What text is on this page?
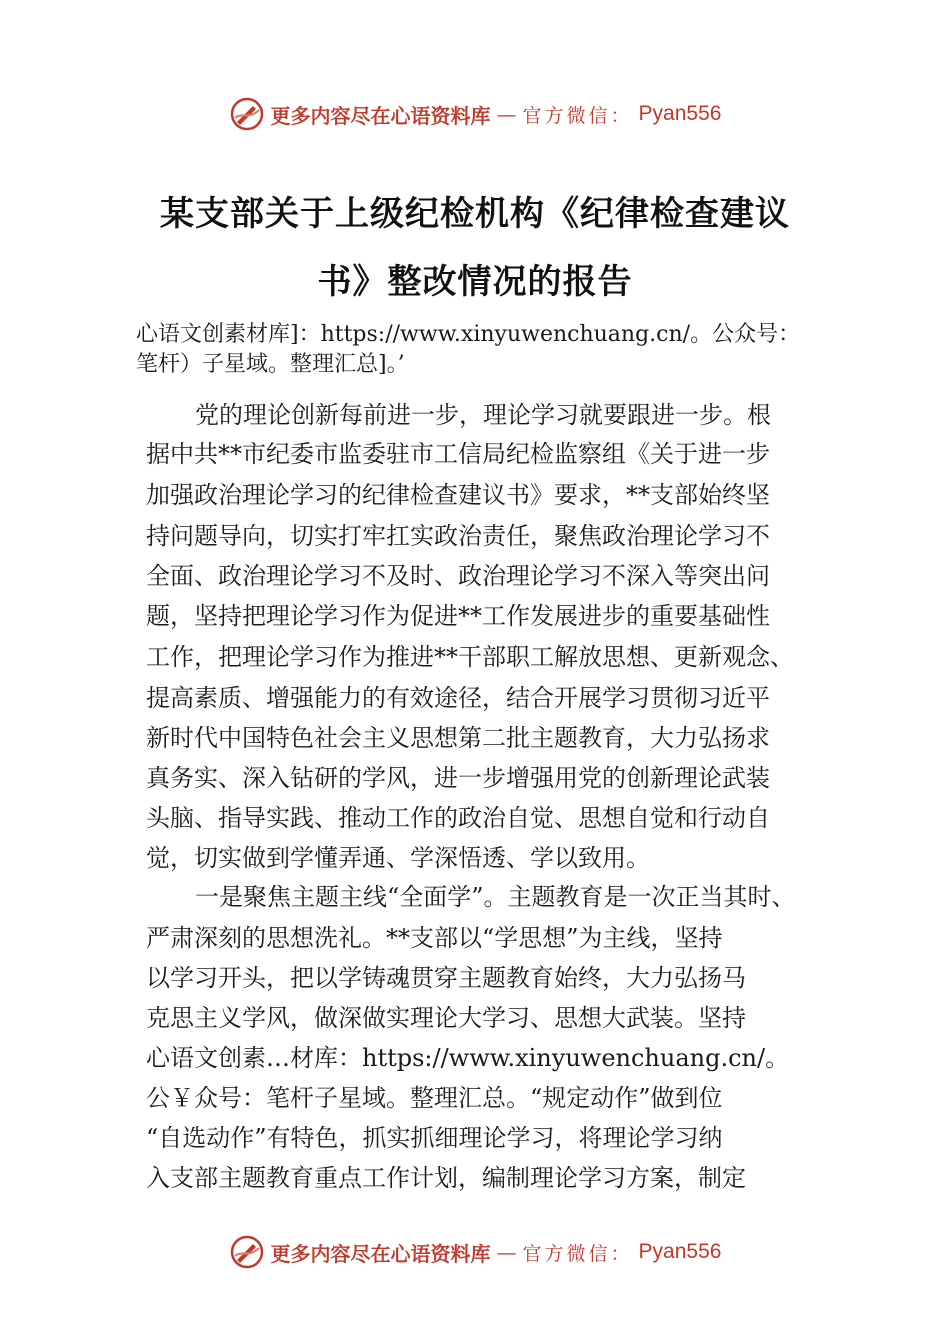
更多内容尽在心语资料库 — 官方微信： Pyan556
某支部关于上级纪检机构《纪律检查建议
书》整改情况的报告
心语文创素材库]：https://www.xinyuwenchuang.cn/。公众号：
笔杆）子星域。整理汇总]。’
党的理论创新每前进一步，理论学习就要跟进一步。根
据中共**市纪委市监委驻市工信局纪检监察组《关于进一步
加强政治理论学习的纪律检查建议书》要求，**支部始终坚
持问题导向，切实打牢扛实政治责任，聚焦政治理论学习不
全面、政治理论学习不及时、政治理论学习不深入等突出问
题，坚持把理论学习作为促进**工作发展进步的重要基础性
工作，把理论学习作为推进**干部职工解放思想、更新观念、
提高素质、增强能力的有效途径，结合开展学习贯彻习近平
新时代中国特色社会主义思想第二批主题教育，大力弘扬求
真务实、深入钻研的学风，进一步增强用党的创新理论武装
头脑、指导实践、推动工作的政治自觉、思想自觉和行动自
觉，切实做到学懂弄通、学深悟透、学以致用。
一是聚焦主题主线“全面学”。主题教育是一次正当其时、
严肃深刻的思想洗礼。**支部以“学思想”为主线，坚持
以学习开头，把以学铸魂贯穿主题教育始终，大力弘扬马
克思主义学风，做深做实理论大学习、思想大武装。坚持
心语文创素…材库：https://www.xinyuwenchuang.cn/。
公￥众号：笔杆子星域。整理汇总。“规定动作”做到位
“自选动作”有特色，抓实抓细理论学习，将理论学习纳
入支部主题教育重点工作计划，编制理论学习方案，制定
更多内容尽在心语资料库 — 官方微信： Pyan556
